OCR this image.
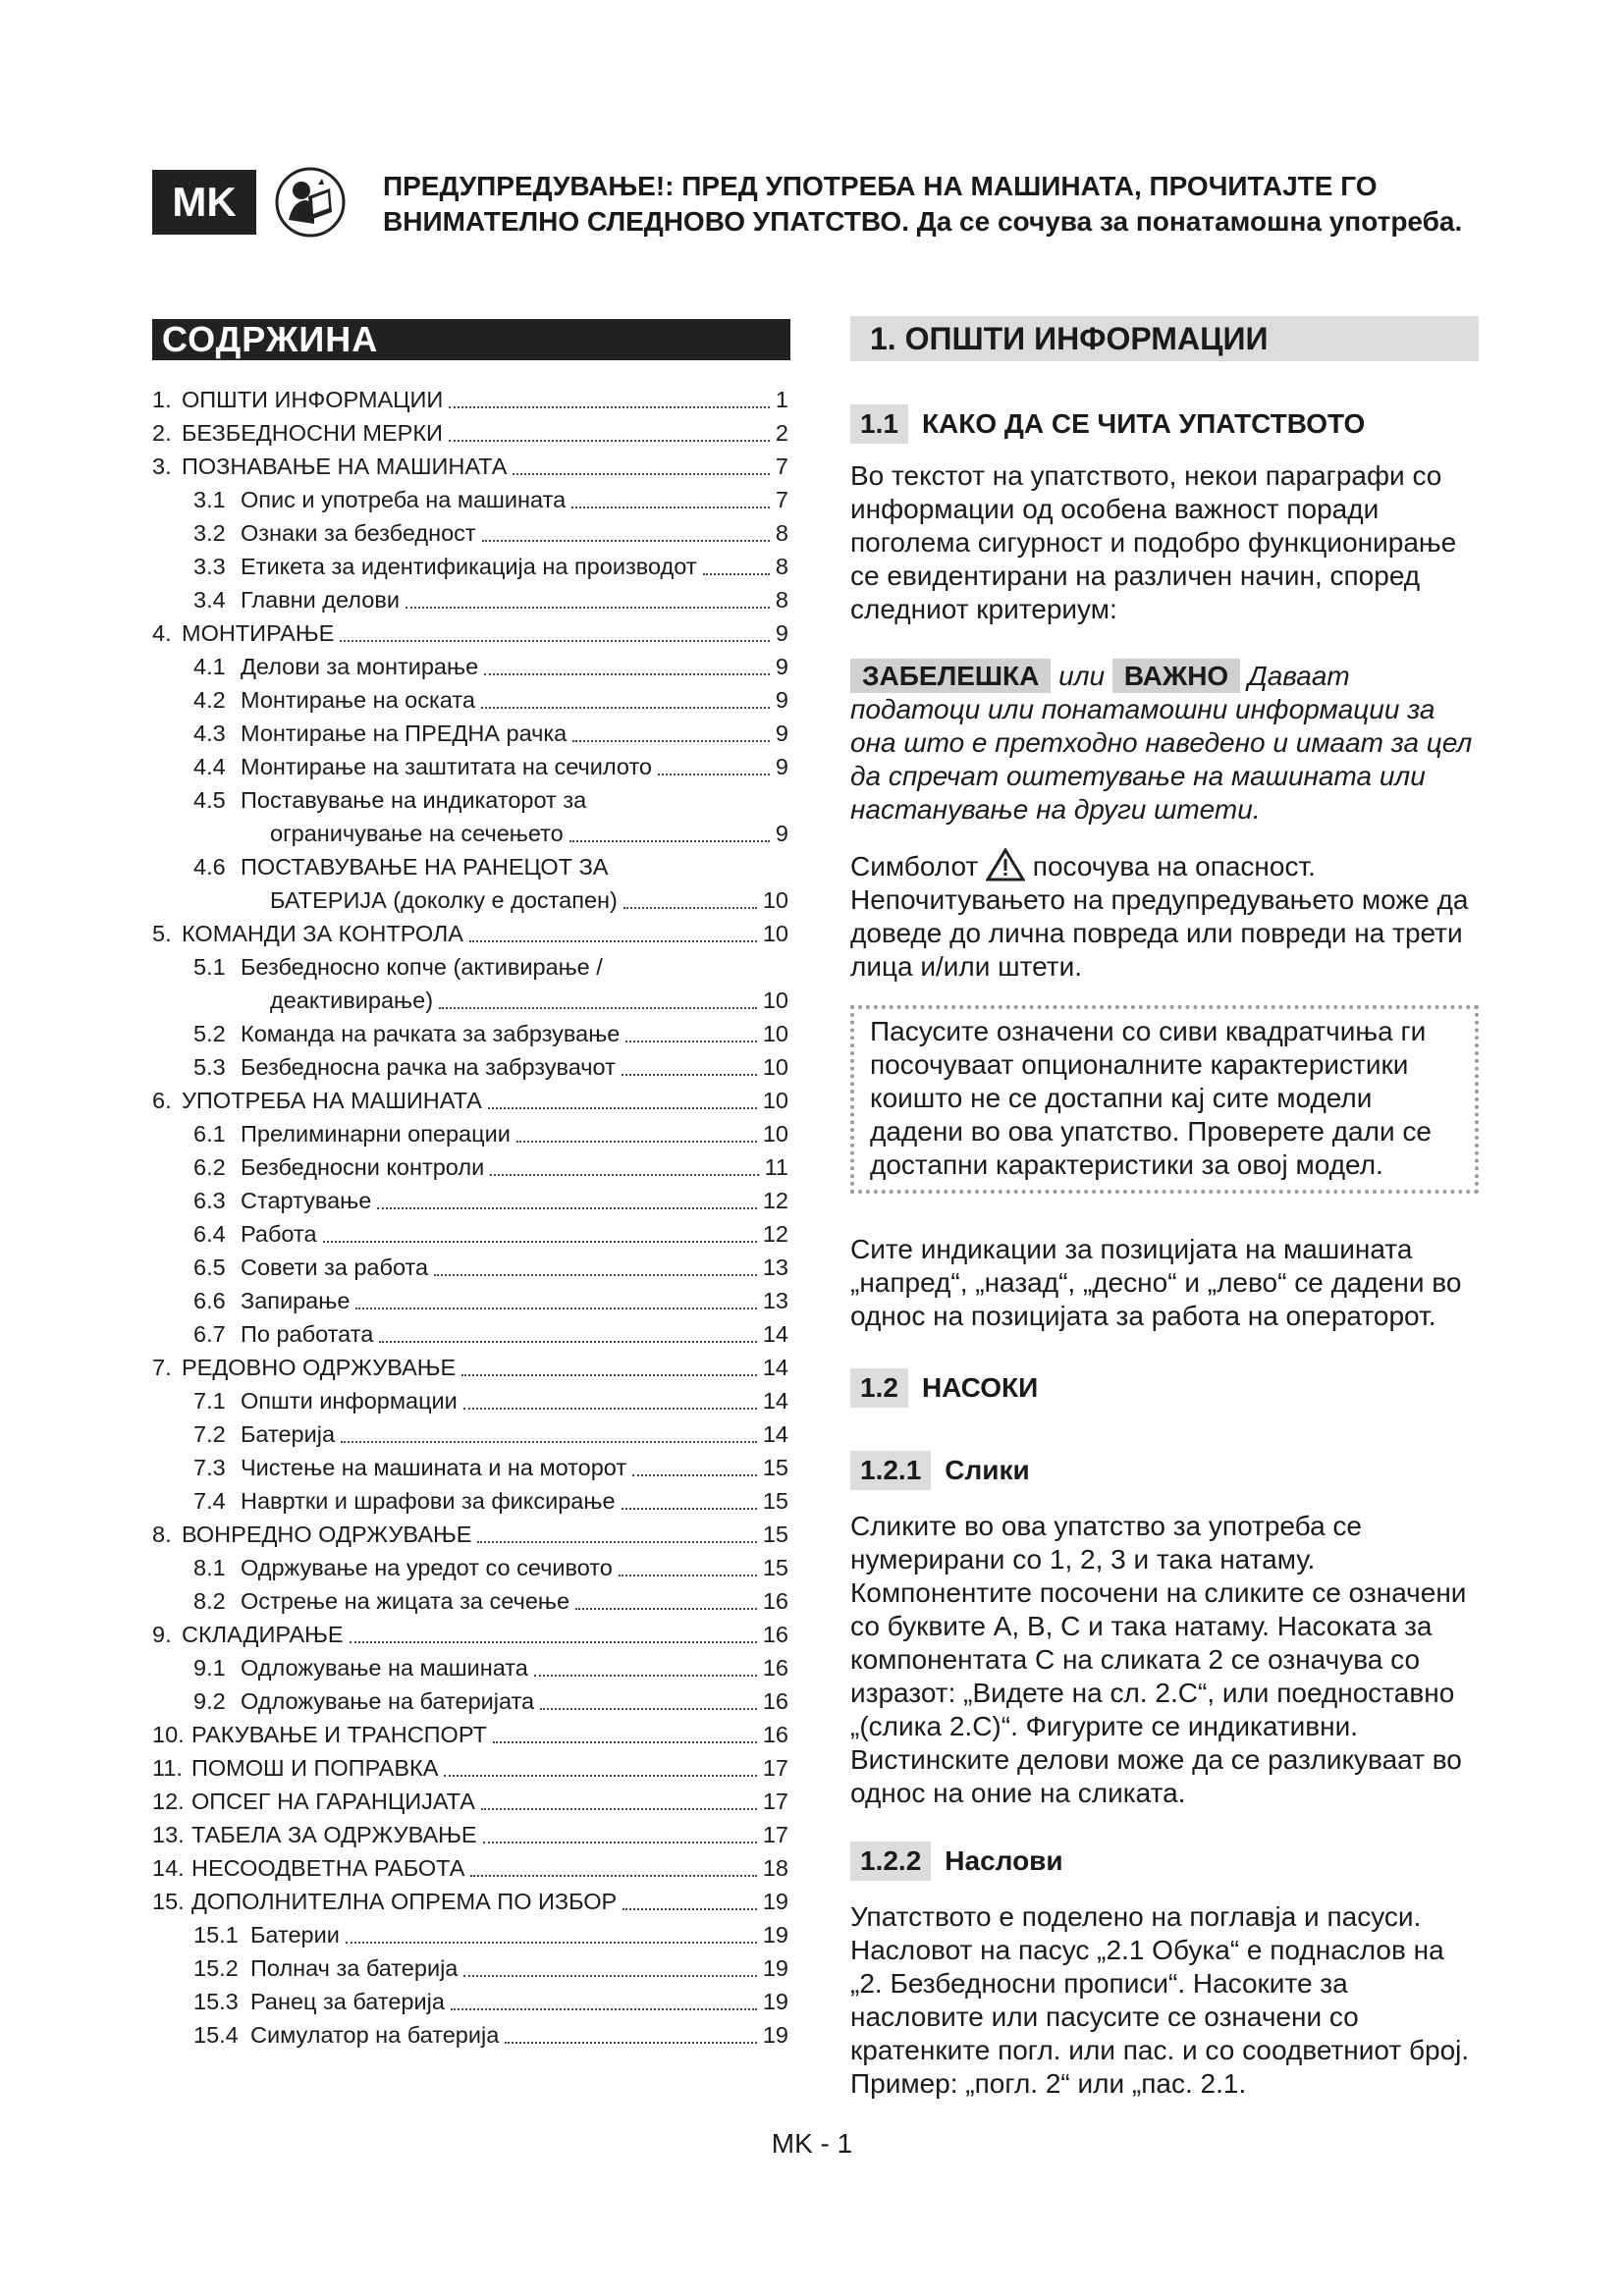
MK	ПРЕДУПРЕДУВАЊЕ!: ПРЕД УПОТРЕБА НА МАШИНАТА, ПРОЧИТАЈТЕ ГО
ВНИМАТЕЛНО СЛЕДНОВО УПАТСТВО. Да се сочува за понатамошна употреба.
СОДРЖИНА
1. ОПШТИ ИНФОРМАЦИИ	1
2. БЕЗБЕДНОСНИ МЕРКИ	2
3. ПОЗНАВАЊЕ НА МАШИНАТА	7
3.1 Опис и употреба на машината	7
3.2 Ознаки за безбедност	8
3.3 Етикета за идентификација на производот	8
3.4 Главни делови	8
4. МОНТИРАЊЕ	9
4.1 Делови за монтирање	9
4.2 Монтирање на оската	9
4.3 Монтирање на ПРЕДНА рачка	9
4.4 Монтирање на заштитата на сечилото	9
4.5 Поставување на индикаторот за
ограничување на сечењето	9
4.6 ПОСТАВУВАЊЕ НА РАНЕЦОТ ЗА
БАТЕРИЈА (доколку е достапен)	10
5. КОМАНДИ ЗА КОНТРОЛА	10
5.1 Безбедносно копче (активирање /
деактивирање)	10
5.2 Команда на рачката за забрзување	10
5.3 Безбедносна рачка на забрзувачот	10
6. УПОТРЕБА НА МАШИНАТА	10
6.1 Прелиминарни операции	10
6.2 Безбедносни контроли	11
6.3 Стартување	12
6.4 Работа	12
6.5 Совети за работа	13
6.6 Запирање	13
6.7 По работата	14
7. РЕДОВНО ОДРЖУВАЊЕ	14
7.1 Општи информации	14
7.2 Батерија	14
7.3 Чистење на машината и на моторот	15
7.4 Навртки и шрафови за фиксирање	15
8. ВОНРЕДНО ОДРЖУВАЊЕ	15
8.1 Одржување на уредот со сечивото	15
8.2 Острење на жицата за сечење	16
9. СКЛАДИРАЊЕ	16
9.1 Одложување на машината	16
9.2 Одложување на батеријата	16
10. РАКУВАЊЕ И ТРАНСПОРТ	16
11. ПОМОШ И ПОПРАВКА	17
12. ОПСЕГ НА ГАРАНЦИЈАТА	17
13. ТАБЕЛА ЗА ОДРЖУВАЊЕ	17
14. НЕСООДВЕТНА РАБОТА	18
15. ДОПОЛНИТЕЛНА ОПРЕМА ПО ИЗБОР	19
15.1 Батерии	19
15.2 Полнач за батерија	19
15.3 Ранец за батерија	19
15.4 Симулатор на батерија	19
1. ОПШТИ ИНФОРМАЦИИ
1.1 КАКО ДА СЕ ЧИТА УПАТСТВОТО
Во текстот на упатството, некои параграфи со информации од особена важност поради поголема сигурност и подобро функционирање се евидентирани на различен начин, според следниот критериум:
ЗАБЕЛЕШКА или ВАЖНО Даваат податоци или понатамошни информации за она што е претходно наведено и имаат за цел да спречат оштетување на машината или настанување на други штети.
Симболот посочува на опасност. Непочитувањето на предупредувањето може да доведе до лична повреда или повреди на трети лица и/или штети.
Пасусите означени со сиви квадратчиња ги посочуваат опционалните карактеристики коишто не се достапни кај сите модели дадени во ова упатство. Проверете дали се достапни карактеристики за овој модел.
Сите индикации за позицијата на машината „напред“, „назад“, „десно“ и „лево“ се дадени во однос на позицијата за работа на операторот.
1.2 НАСОКИ
1.2.1 Слики
Сликите во ова упатство за употреба се нумерирани со 1, 2, 3 и така натаму. Компонентите посочени на сликите се означени со буквите A, B, C и така натаму. Насоката за компонентата C на сликата 2 се означува со изразот: „Видете на сл. 2.C“, или поедноставно „(слика 2.C)“. Фигурите се индикативни. Вистинските делови може да се разликуваат во однос на оние на сликата.
1.2.2 Наслови
Упатството е поделено на поглавја и пасуси. Насловот на пасус „2.1 Обука“ е поднаслов на „2. Безбедносни прописи“. Насоките за насловите или пасусите се означени со кратенките погл. или пас. и со соодветниот број. Пример: „погл. 2“ или „пас. 2.1.
MK - 1
